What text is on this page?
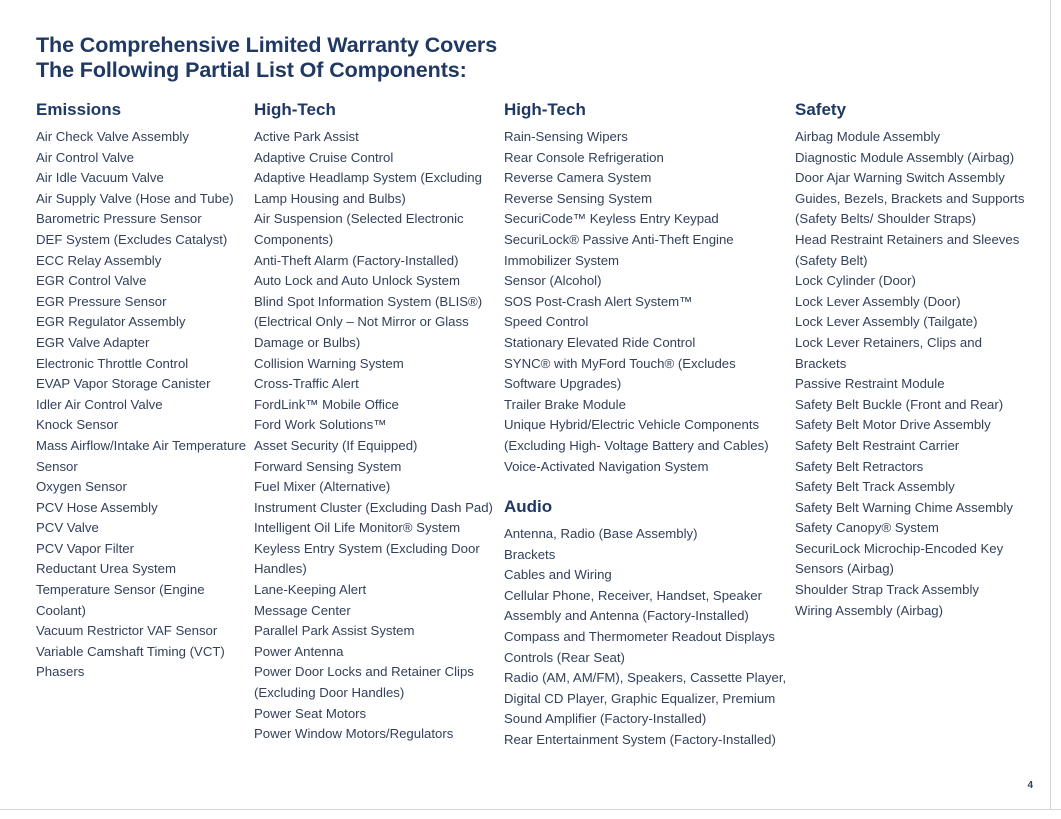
The Comprehensive Limited Warranty Covers
The Following Partial List Of Components:
Emissions
Air Check Valve Assembly
Air Control Valve
Air Idle Vacuum Valve
Air Supply Valve (Hose and Tube)
Barometric Pressure Sensor
DEF System (Excludes Catalyst)
ECC Relay Assembly
EGR Control Valve
EGR Pressure Sensor
EGR Regulator Assembly
EGR Valve Adapter
Electronic Throttle Control
EVAP Vapor Storage Canister
Idler Air Control Valve
Knock Sensor
Mass Airflow/Intake Air Temperature Sensor
Oxygen Sensor
PCV Hose Assembly
PCV Valve
PCV Vapor Filter
Reductant Urea System
Temperature Sensor (Engine Coolant)
Vacuum Restrictor VAF Sensor
Variable Camshaft Timing (VCT) Phasers
High-Tech
Active Park Assist
Adaptive Cruise Control
Adaptive Headlamp System (Excluding Lamp Housing and Bulbs)
Air Suspension (Selected Electronic Components)
Anti-Theft Alarm (Factory-Installed)
Auto Lock and Auto Unlock System
Blind Spot Information System (BLIS®) (Electrical Only – Not Mirror or Glass Damage or Bulbs)
Collision Warning System
Cross-Traffic Alert
FordLink™ Mobile Office
Ford Work Solutions™
Asset Security (If Equipped)
Forward Sensing System
Fuel Mixer (Alternative)
Instrument Cluster (Excluding Dash Pad)
Intelligent Oil Life Monitor® System
Keyless Entry System (Excluding Door Handles)
Lane-Keeping Alert
Message Center
Parallel Park Assist System
Power Antenna
Power Door Locks and Retainer Clips (Excluding Door Handles)
Power Seat Motors
Power Window Motors/Regulators
High-Tech
Rain-Sensing Wipers
Rear Console Refrigeration
Reverse Camera System
Reverse Sensing System
SecuriCode™ Keyless Entry Keypad
SecuriLock® Passive Anti-Theft Engine Immobilizer System
Sensor (Alcohol)
SOS Post-Crash Alert System™
Speed Control
Stationary Elevated Ride Control
SYNC® with MyFord Touch® (Excludes Software Upgrades)
Trailer Brake Module
Unique Hybrid/Electric Vehicle Components (Excluding High- Voltage Battery and Cables)
Voice-Activated Navigation System
Audio
Antenna, Radio (Base Assembly)
Brackets
Cables and Wiring
Cellular Phone, Receiver, Handset, Speaker Assembly and Antenna (Factory-Installed)
Compass and Thermometer Readout Displays
Controls (Rear Seat)
Radio (AM, AM/FM), Speakers, Cassette Player, Digital CD Player, Graphic Equalizer, Premium Sound Amplifier (Factory-Installed)
Rear Entertainment System (Factory-Installed)
Safety
Airbag Module Assembly
Diagnostic Module Assembly (Airbag)
Door Ajar Warning Switch Assembly
Guides, Bezels, Brackets and Supports (Safety Belts/ Shoulder Straps)
Head Restraint Retainers and Sleeves (Safety Belt)
Lock Cylinder (Door)
Lock Lever Assembly (Door)
Lock Lever Assembly (Tailgate)
Lock Lever Retainers, Clips and Brackets
Passive Restraint Module
Safety Belt Buckle (Front and Rear)
Safety Belt Motor Drive Assembly
Safety Belt Restraint Carrier
Safety Belt Retractors
Safety Belt Track Assembly
Safety Belt Warning Chime Assembly
Safety Canopy® System
SecuriLock Microchip-Encoded Key
Sensors (Airbag)
Shoulder Strap Track Assembly
Wiring Assembly (Airbag)
4
